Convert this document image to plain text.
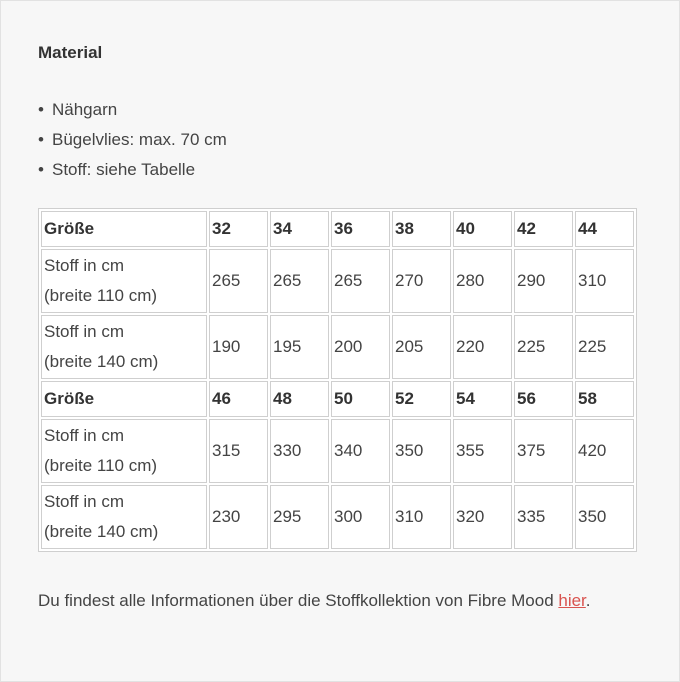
Material
• Nähgarn
• Bügelvlies: max. 70 cm
• Stoff: siehe Tabelle
Größe	32	34	36	38	40	42	44
Stoff in cm
(breite 110 cm)	265	265	265	270	280	290	310
Stoff in cm
(breite 140 cm)	190	195	200	205	220	225	225
Größe	46	48	50	52	54	56	58
Stoff in cm
(breite 110 cm)	315	330	340	350	355	375	420
Stoff in cm
(breite 140 cm)	230	295	300	310	320	335	350

Du findest alle Informationen über die Stoffkollektion von Fibre Mood hier.
